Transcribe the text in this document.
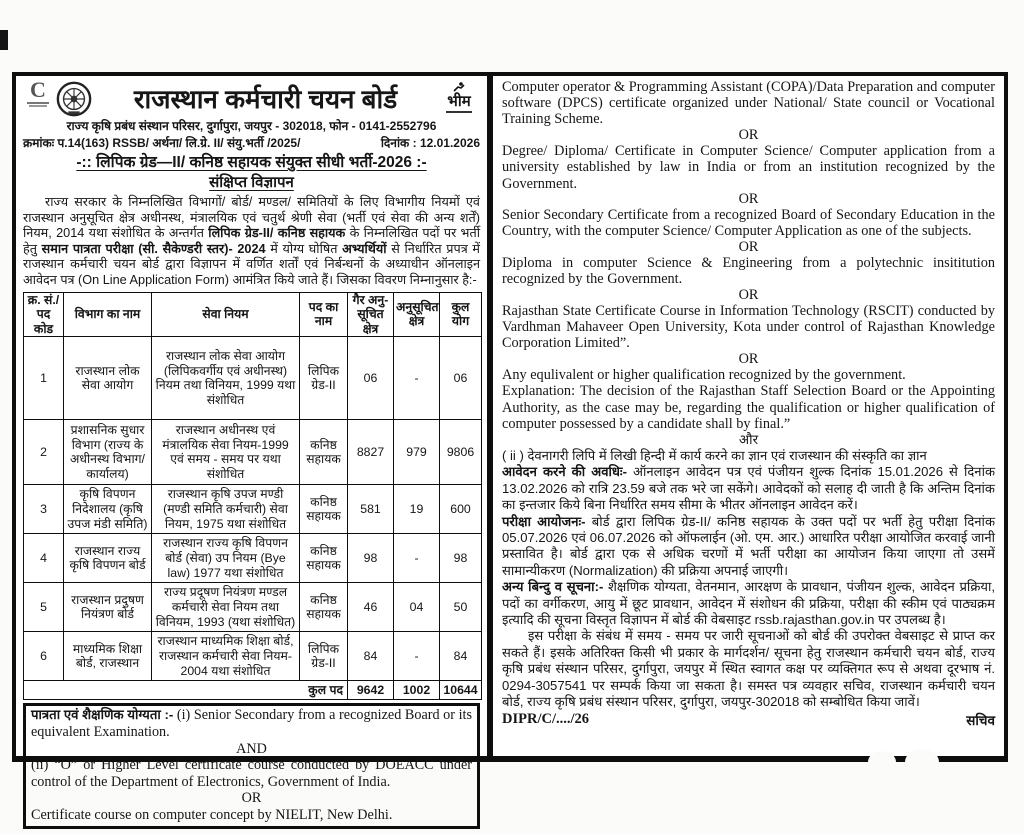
C	राजस्थान कर्मचारी चयन बोर्ड	भीम
राज्य कृषि प्रबंध संस्थान परिसर, दुर्गापुरा, जयपुर - 302018, फोन - 0141-2552796
क्रमांकः प.14(163) RSSB/ अर्थना/ लि.ग्रे. II/ संयु.भर्ती /2025/	दिनांक : 12.01.2026
-:: लिपिक ग्रेड—II/ कनिष्ठ सहायक संयुक्त सीधी भर्ती-2026 :-
संक्षिप्त विज्ञापन
राज्य सरकार के निम्नलिखित विभागों/ बोर्ड/ मण्डल/ समितियों के लिए विभागीय नियमों एवं राजस्थान अनुसूचित क्षेत्र अधीनस्थ, मंत्रालयिक एवं चतुर्थ श्रेणी सेवा (भर्ती एवं सेवा की अन्य शर्तें) नियम, 2014 यथा संशोधित के अन्तर्गत लिपिक ग्रेड-II/ कनिष्ठ सहायक के निम्नलिखित पदों पर भर्ती हेतु समान पात्रता परीक्षा (सी. सैकेण्डरी स्तर)- 2024 में योग्य घोषित अभ्यर्थियों से निर्धारित प्रपत्र में राजस्थान कर्मचारी चयन बोर्ड द्वारा विज्ञापन में वर्णित शर्तों एवं निर्बन्धनों के अध्याधीन ऑनलाइन आवेदन पत्र (On Line Application Form) आमंत्रित किये जाते हैं। जिसका विवरण निम्नानुसार है:-
क्र. सं./ पद कोड	विभाग का नाम	सेवा नियम	पद का नाम	गैर अनु- सूचित क्षेत्र	अनुसूचित क्षेत्र	कुल योग
1	राजस्थान लोक सेवा आयोग	राजस्थान लोक सेवा आयोग (लिपिकवर्गीय एवं अधीनस्थ) नियम तथा विनियम, 1999 यथा संशोधित	लिपिक ग्रेड-II	06	-	06
2	प्रशासनिक सुधार विभाग (राज्य के अधीनस्थ विभाग/ कार्यालय)	राजस्थान अधीनस्थ एवं मंत्रालयिक सेवा नियम-1999 एवं समय - समय पर यथा संशोधित	कनिष्ठ सहायक	8827	979	9806
3	कृषि विपणन निदेशालय (कृषि उपज मंडी समिति)	राजस्थान कृषि उपज मण्डी (मण्डी समिति कर्मचारी) सेवा नियम, 1975 यथा संशोधित	कनिष्ठ सहायक	581	19	600
4	राजस्थान राज्य कृषि विपणन बोर्ड	राजस्थान राज्य कृषि विपणन बोर्ड (सेवा) उप नियम (Bye law) 1977 यथा संशोधित	कनिष्ठ सहायक	98	-	98
5	राजस्थान प्रदुषण नियंत्रण बोर्ड	राज्य प्रदूषण नियंत्रण मण्डल कर्मचारी सेवा नियम तथा विनियम, 1993 (यथा संशोधित)	कनिष्ठ सहायक	46	04	50
6	माध्यमिक शिक्षा बोर्ड, राजस्थान	राजस्थान माध्यमिक शिक्षा बोर्ड, राजस्थान कर्मचारी सेवा नियम- 2004 यथा संशोधित	लिपिक ग्रेड-II	84	-	84
कुल पद				9642	1002	10644
पात्रता एवं शैक्षणिक योग्यता :- (i) Senior Secondary from a recognized Board or its equivalent Examination.
AND
(ii) “O” or Higher Level certificate course conducted by DOEACC under control of the Department of Electronics, Government of India.
OR
Certificate course on computer concept by NIELIT, New Delhi.
Computer operator & Programming Assistant (COPA)/Data Preparation and computer software (DPCS) certificate organized under National/ State council or Vocational Training Scheme.
OR
Degree/ Diploma/ Certificate in Computer Science/ Computer application from a university established by law in India or from an institution recognized by the Government.
OR
Senior Secondary Certificate from a recognized Board of Secondary Education in the Country, with the computer Science/ Computer Application as one of the subjects.
OR
Diploma in computer Science & Engineering from a polytechnic insititution recognized by the Government.
OR
Rajasthan State Certificate Course in Information Technology (RSCIT) conducted by Vardhman Mahaveer Open University, Kota under control of Rajasthan Knowledge Corporation Limited”.
OR
Any equlivalent or higher qualification recognized by the government.
Explanation: The decision of the Rajasthan Staff Selection Board or the Appointing Authority, as the case may be, regarding the qualification or higher qualification of computer possessed by a candidate shall by final.”
और
( ii ) देवनागरी लिपि में लिखी हिन्दी में कार्य करने का ज्ञान एवं राजस्थान की संस्कृति का ज्ञान
आवेदन करने की अवधिः- ऑनलाइन आवेदन पत्र एवं पंजीयन शुल्क दिनांक 15.01.2026 से दिनांक 13.02.2026 को रात्रि 23.59 बजे तक भरे जा सकेंगे। आवेदकों को सलाह दी जाती है कि अन्तिम दिनांक का इन्तजार किये बिना निर्धारित समय सीमा के भीतर ऑनलाइन आवेदन करें।
परीक्षा आयोजनः- बोर्ड द्वारा लिपिक ग्रेड-II/ कनिष्ठ सहायक के उक्त पदों पर भर्ती हेतु परीक्षा दिनांक 05.07.2026 एवं 06.07.2026 को ऑफलाईन (ओ. एम. आर.) आधारित परीक्षा आयोजित करवाई जानी प्रस्तावित है। बोर्ड द्वारा एक से अधिक चरणों में भर्ती परीक्षा का आयोजन किया जाएगा तो उसमें सामान्यीकरण (Normalization) की प्रक्रिया अपनाई जाएगी।
अन्य बिन्दु व सूचना:- शैक्षणिक योग्यता, वेतनमान, आरक्षण के प्रावधान, पंजीयन शुल्क, आवेदन प्रक्रिया, पदों का वर्गीकरण, आयु में छूट प्रावधान, आवेदन में संशोधन की प्रक्रिया, परीक्षा की स्कीम एवं पाठ्यक्रम इत्यादि की सूचना विस्तृत विज्ञापन में बोर्ड की वेबसाइट rssb.rajasthan.gov.in पर उपलब्ध है।
इस परीक्षा के संबंध में समय - समय पर जारी सूचनाओं को बोर्ड की उपरोक्त वेबसाइट से प्राप्त कर सकते हैं। इसके अतिरिक्त किसी भी प्रकार के मार्गदर्शन/ सूचना हेतु राजस्थान कर्मचारी चयन बोर्ड, राज्य कृषि प्रबंध संस्थान परिसर, दुर्गापुरा, जयपुर में स्थित स्वागत कक्ष पर व्यक्तिगत रूप से अथवा दूरभाष नं. 0294-3057541 पर सम्पर्क किया जा सकता है। समस्त पत्र व्यवहार सचिव, राजस्थान कर्मचारी चयन बोर्ड, राज्य कृषि प्रबंध संस्थान परिसर, दुर्गापुरा, जयपुर-302018 को सम्बोधित किया जावें।
DIPR/C/..../26	सचिव
